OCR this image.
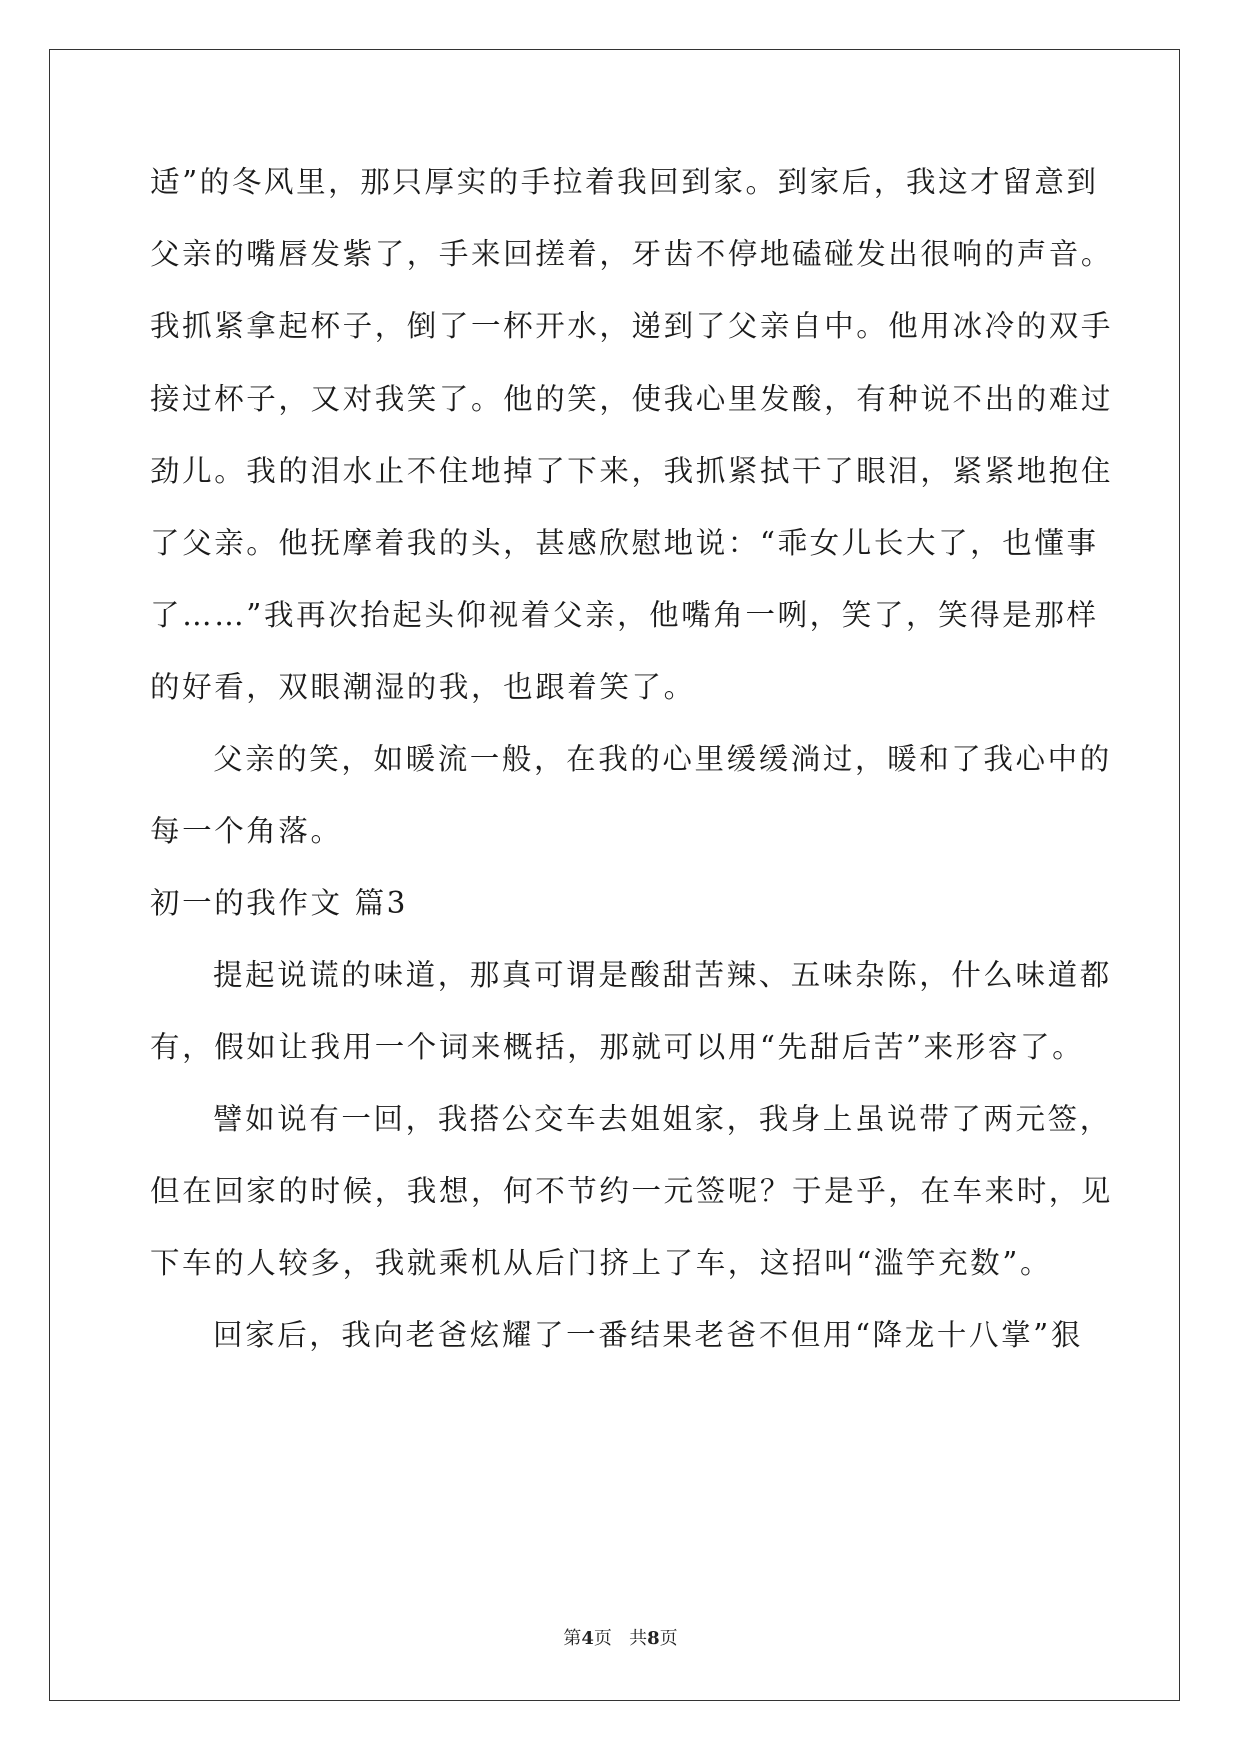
适”的冬风里，那只厚实的手拉着我回到家。到家后，我这才留意到
父亲的嘴唇发紫了，手来回搓着，牙齿不停地磕碰发出很响的声音。
我抓紧拿起杯子，倒了一杯开水，递到了父亲自中。他用冰冷的双手
接过杯子，又对我笑了。他的笑，使我心里发酸，有种说不出的难过
劲儿。我的泪水止不住地掉了下来，我抓紧拭干了眼泪，紧紧地抱住
了父亲。他抚摩着我的头，甚感欣慰地说：“乖女儿长大了，也懂事
了……”我再次抬起头仰视着父亲，他嘴角一咧，笑了，笑得是那样
的好看，双眼潮湿的我，也跟着笑了。
父亲的笑，如暖流一般，在我的心里缓缓淌过，暖和了我心中的
每一个角落。
初一的我作文 篇3
提起说谎的味道，那真可谓是酸甜苦辣、五味杂陈，什么味道都
有，假如让我用一个词来概括，那就可以用“先甜后苦”来形容了。
譬如说有一回，我搭公交车去姐姐家，我身上虽说带了两元签，
但在回家的时候，我想，何不节约一元签呢？于是乎，在车来时，见
下车的人较多，我就乘机从后门挤上了车，这招叫“滥竽充数”。
回家后，我向老爸炫耀了一番结果老爸不但用“降龙十八掌”狠
第4页   共8页
